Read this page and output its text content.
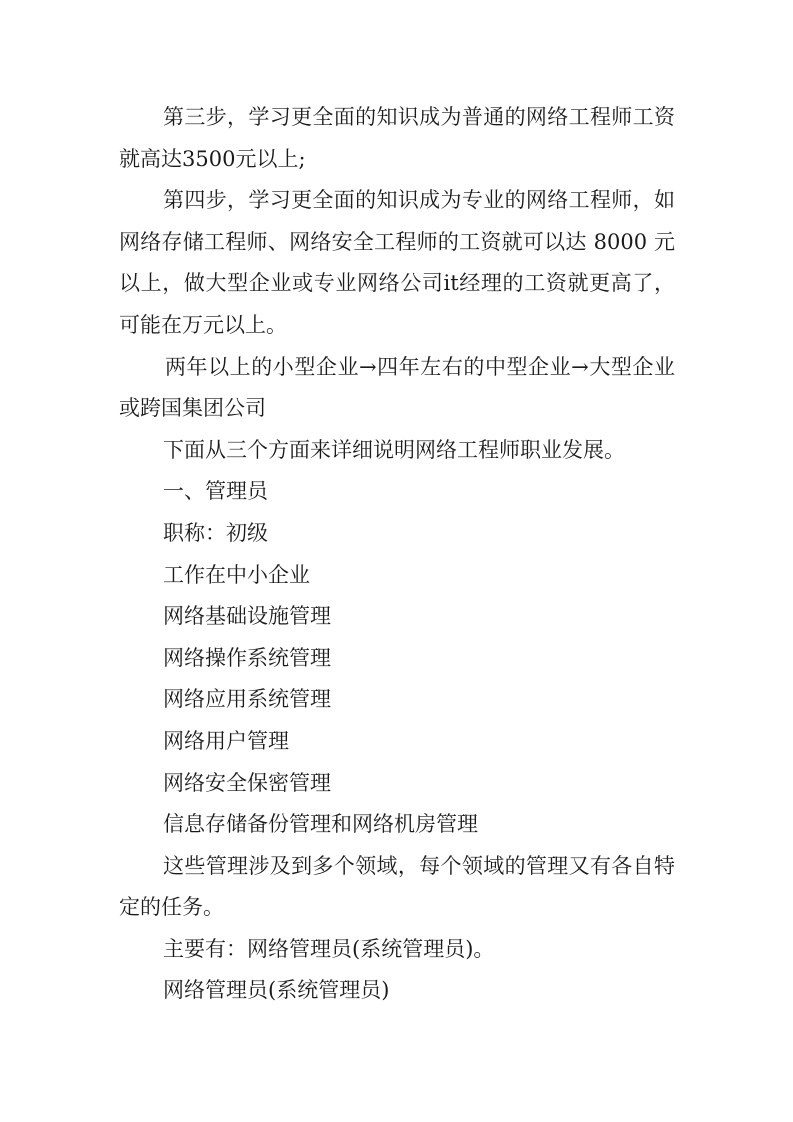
第三步，学习更全面的知识成为普通的网络工程师工资就高达3500元以上;

第四步，学习更全面的知识成为专业的网络工程师，如网络存储工程师、网络安全工程师的工资就可以达 8000 元以上，做大型企业或专业网络公司it经理的工资就更高了，可能在万元以上。

两年以上的小型企业→四年左右的中型企业→大型企业或跨国集团公司

下面从三个方面来详细说明网络工程师职业发展。

一、管理员

职称：初级

工作在中小企业

网络基础设施管理

网络操作系统管理

网络应用系统管理

网络用户管理

网络安全保密管理

信息存储备份管理和网络机房管理

这些管理涉及到多个领域，每个领域的管理又有各自特定的任务。

主要有：网络管理员(系统管理员)。

网络管理员(系统管理员)
